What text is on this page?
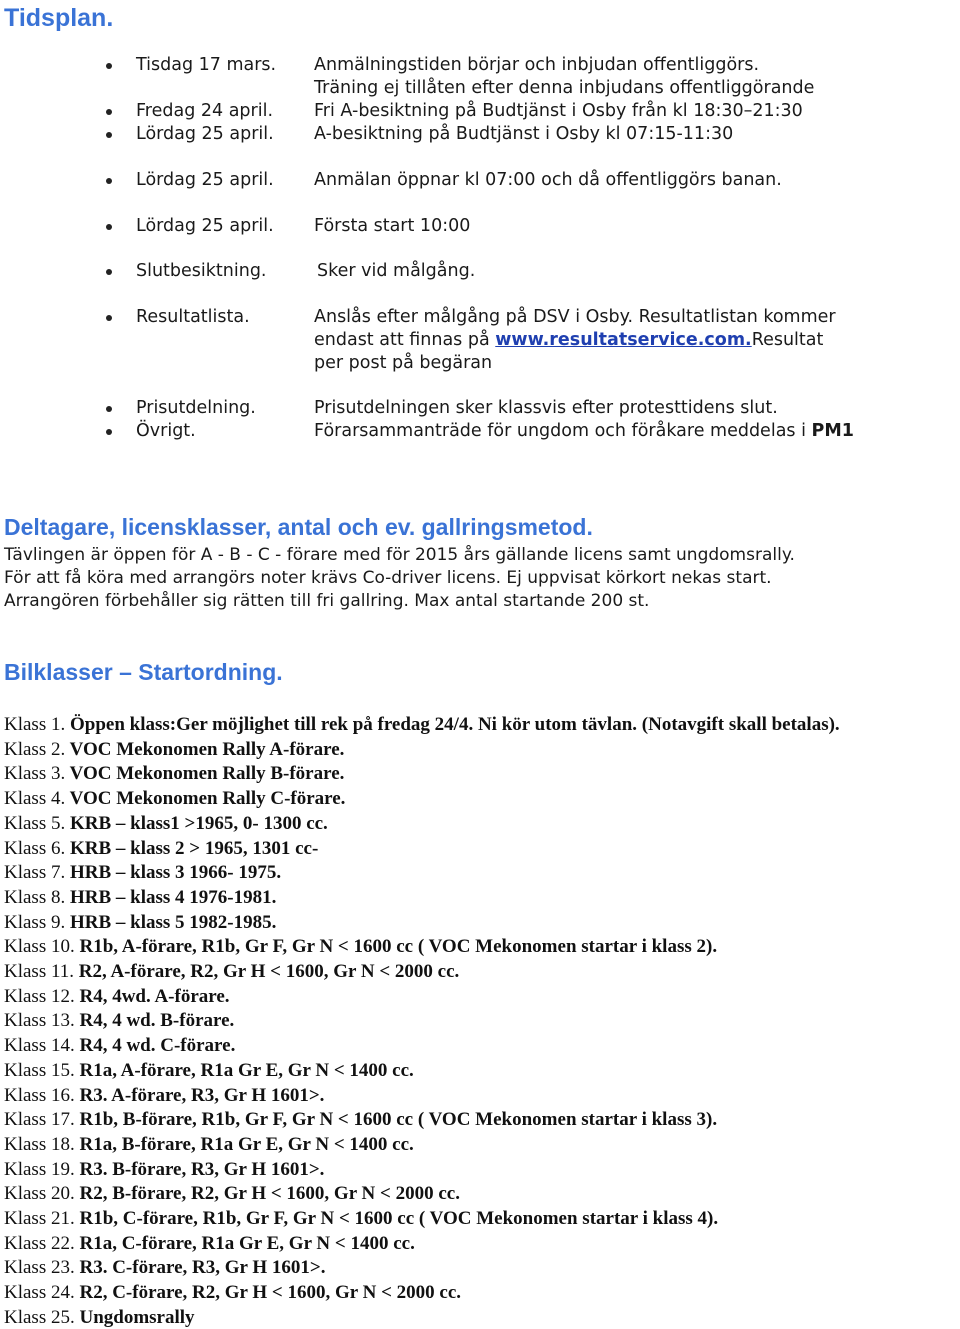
Tidsplan.
Tisdag 17 mars. Anmälningstiden börjar och inbjudan offentliggörs.
Träning ej tillåten efter denna inbjudans offentliggörande
Fredag 24 april. Fri A-besiktning på Budtjänst i Osby från kl 18:30–21:30
Lördag 25 april. A-besiktning på Budtjänst i Osby kl 07:15-11:30
Lördag 25 april. Anmälan öppnar kl 07:00 och då offentliggörs banan.
Lördag 25 april. Första start 10:00
Slutbesiktning.	Sker vid målgång.
Resultatlista.	Anslås efter målgång på DSV i Osby. Resultatlistan kommer
endast att finnas på www.resultatservice.com.Resultat
per post på begäran
Prisutdelning.	Prisutdelningen sker klassvis efter protesttidens slut.
Övrigt.	Förarsammanträde för ungdom och föråkare meddelas i PM1
Deltagare, licensklasser, antal och ev. gallringsmetod.
Tävlingen är öppen för A - B - C - förare med för 2015 års gällande licens samt ungdomsrally.
För att få köra med arrangörs noter krävs Co-driver licens. Ej uppvisat körkort nekas start.
Arrangören förbehåller sig rätten till fri gallring. Max antal startande 200 st.
Bilklasser – Startordning.
Klass 1. Öppen klass:Ger möjlighet till rek på fredag 24/4. Ni kör utom tävlan. (Notavgift skall betalas).
Klass 2. VOC Mekonomen Rally A-förare.
Klass 3. VOC Mekonomen Rally B-förare.
Klass 4. VOC Mekonomen Rally C-förare.
Klass 5. KRB – klass1 >1965, 0- 1300 cc.
Klass 6. KRB – klass 2 > 1965, 1301 cc-
Klass 7. HRB – klass 3 1966- 1975.
Klass 8. HRB – klass 4 1976-1981.
Klass 9. HRB – klass 5 1982-1985.
Klass 10. R1b, A-förare, R1b, Gr F, Gr N < 1600 cc ( VOC Mekonomen startar i klass 2).
Klass 11. R2, A-förare, R2, Gr H < 1600, Gr N < 2000 cc.
Klass 12. R4, 4wd. A-förare.
Klass 13. R4, 4 wd. B-förare.
Klass 14. R4, 4 wd. C-förare.
Klass 15. R1a, A-förare, R1a Gr E, Gr N < 1400 cc.
Klass 16. R3. A-förare, R3, Gr H 1601>.
Klass 17. R1b, B-förare, R1b, Gr F, Gr N < 1600 cc ( VOC Mekonomen startar i klass 3).
Klass 18. R1a, B-förare, R1a Gr E, Gr N < 1400 cc.
Klass 19. R3. B-förare, R3, Gr H 1601>.
Klass 20. R2, B-förare, R2, Gr H < 1600, Gr N < 2000 cc.
Klass 21. R1b, C-förare, R1b, Gr F, Gr N < 1600 cc ( VOC Mekonomen startar i klass 4).
Klass 22. R1a, C-förare, R1a Gr E, Gr N < 1400 cc.
Klass 23. R3. C-förare, R3, Gr H 1601>.
Klass 24. R2, C-förare, R2, Gr H < 1600, Gr N < 2000 cc.
Klass 25. Ungdomsrally
